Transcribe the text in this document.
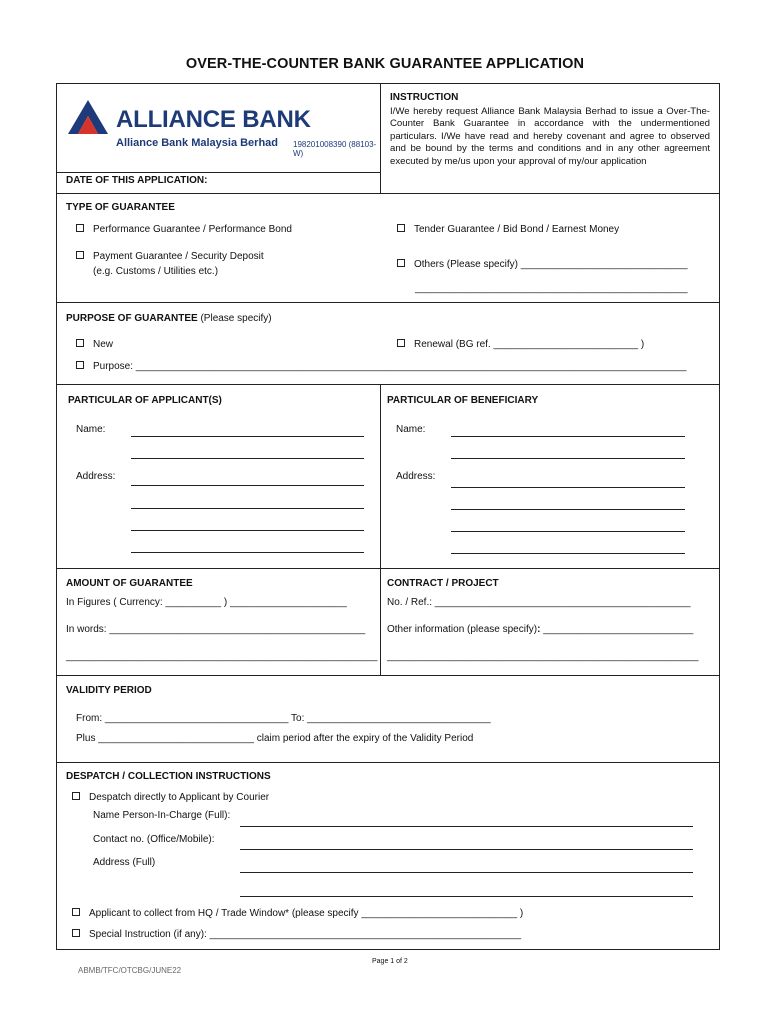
OVER-THE-COUNTER BANK GUARANTEE APPLICATION
ALLIANCE BANK
Alliance Bank Malaysia Berhad 198201008390 (88103-W)
INSTRUCTION
I/We hereby request Alliance Bank Malaysia Berhad to issue a Over-The-Counter Bank Guarantee in accordance with the undermentioned particulars. I/We have read and hereby covenant and agree to observed and be bound by the terms and conditions and in any other agreement executed by me/us upon your approval of my/our application
DATE OF THIS APPLICATION:
TYPE OF GUARANTEE
Performance Guarantee / Performance Bond	Tender Guarantee / Bid Bond / Earnest Money
Payment Guarantee / Security Deposit
(e.g. Customs / Utilities etc.)
Others (Please specify) ______________________________
_________________________________________________
PURPOSE OF GUARANTEE (Please specify)
New	Renewal (BG ref. __________________________ )
Purpose: ___________________________________________________________________________________________________
PARTICULAR OF APPLICANT(S)	PARTICULAR OF BENEFICIARY
Name:
Address:
Name:
Address:
AMOUNT OF GUARANTEE
In Figures ( Currency: __________ ) _____________________
In words: ______________________________________________
________________________________________________________
CONTRACT / PROJECT
No. / Ref.: ______________________________________________
Other information (please specify): ___________________________
________________________________________________________
VALIDITY PERIOD
From: _________________________________ To: _________________________________
Plus ____________________________ claim period after the expiry of the Validity Period
DESPATCH / COLLECTION INSTRUCTIONS
Despatch directly to Applicant by Courier
Name Person-In-Charge (Full):
Contact no. (Office/Mobile):
Address (Full)
Applicant to collect from HQ / Trade Window* (please specify ____________________________ )
Special Instruction (if any): ________________________________________________________
Page 1 of 2
ABMB/TFC/OTCBG/JUNE22
